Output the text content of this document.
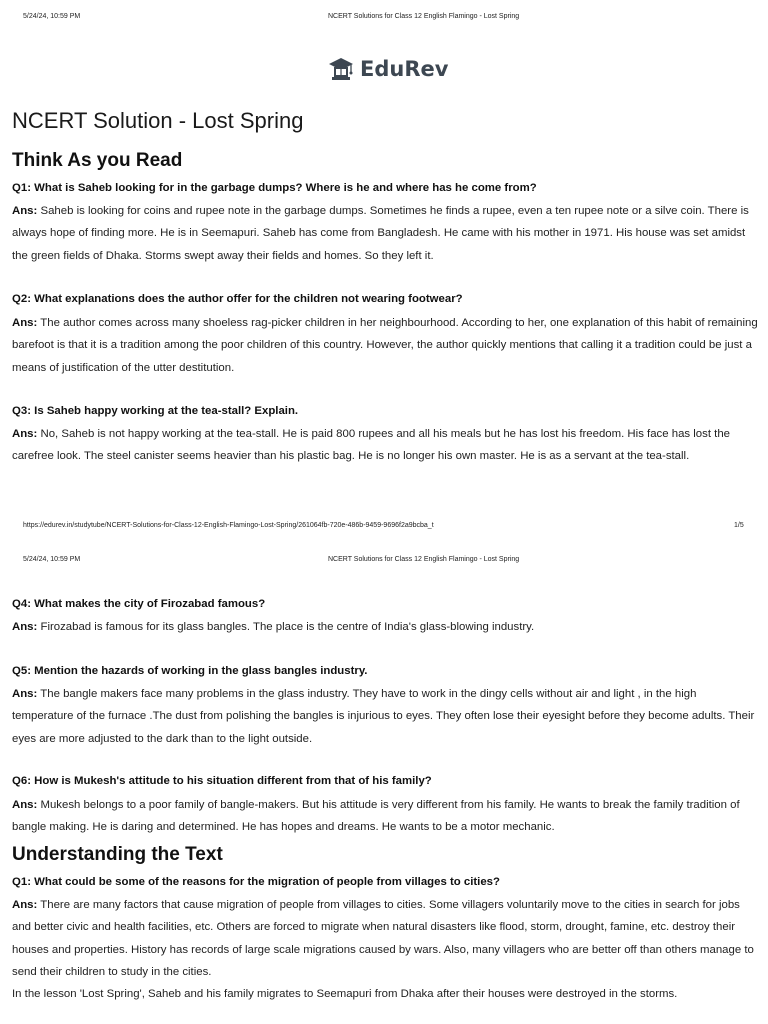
5/24/24, 10:59 PM	NCERT Solutions for Class 12 English Flamingo - Lost Spring
EduRev
NCERT Solution - Lost Spring
Think As you Read

Q1: What is Saheb looking for in the garbage dumps? Where is he and where has he come from?

Ans: Saheb is looking for coins and rupee note in the garbage dumps. Sometimes he finds a rupee, even a ten rupee note or a silve coin. There is always hope of finding more. He is in Seemapuri. Saheb has come from Bangladesh. He came with his mother in 1971. His house was set amidst the green fields of Dhaka. Storms swept away their fields and homes. So they left it.

Q2: What explanations does the author offer for the children not wearing footwear?

Ans: The author comes across many shoeless rag-picker children in her neighbourhood. According to her, one explanation of this habit of remaining barefoot is that it is a tradition among the poor children of this country. However, the author quickly mentions that calling it a tradition could be just a means of justification of the utter destitution.

Q3: Is Saheb happy working at the tea-stall? Explain.

Ans: No, Saheb is not happy working at the tea-stall. He is paid 800 rupees and all his meals but he has lost his freedom. His face has lost the carefree look. The steel canister seems heavier than his plastic bag. He is no longer his own master. He is as a servant at the tea-stall.

https://edurev.in/studytube/NCERT-Solutions-for-Class-12-English-Flamingo-Lost-Spring/261064fb-720e-486b-9459-9696f2a9bcba_t	1/5
5/24/24, 10:59 PM	NCERT Solutions for Class 12 English Flamingo - Lost Spring

Q4: What makes the city of Firozabad famous?

Ans: Firozabad is famous for its glass bangles. The place is the centre of India's glass-blowing industry.

Q5: Mention the hazards of working in the glass bangles industry.

Ans: The bangle makers face many problems in the glass industry. They have to work in the dingy cells without air and light , in the high temperature of the furnace .The dust from polishing the bangles is injurious to eyes. They often lose their eyesight before they become adults. Their eyes are more adjusted to the dark than to the light outside.

Q6: How is Mukesh's attitude to his situation different from that of his family?

Ans: Mukesh belongs to a poor family of bangle-makers. But his attitude is very different from his family. He wants to break the family tradition of bangle making. He is daring and determined. He has hopes and dreams. He wants to be a motor mechanic.

Understanding the Text

Q1: What could be some of the reasons for the migration of people from villages to cities?

Ans: There are many factors that cause migration of people from villages to cities. Some villagers voluntarily move to the cities in search for jobs and better civic and health facilities, etc. Others are forced to migrate when natural disasters like flood, storm, drought, famine, etc. destroy their houses and properties. History has records of large scale migrations caused by wars. Also, many villagers who are better off than others manage to send their children to study in the cities.
In the lesson 'Lost Spring', Saheb and his family migrates to Seemapuri from Dhaka after their houses were destroyed in the storms.
